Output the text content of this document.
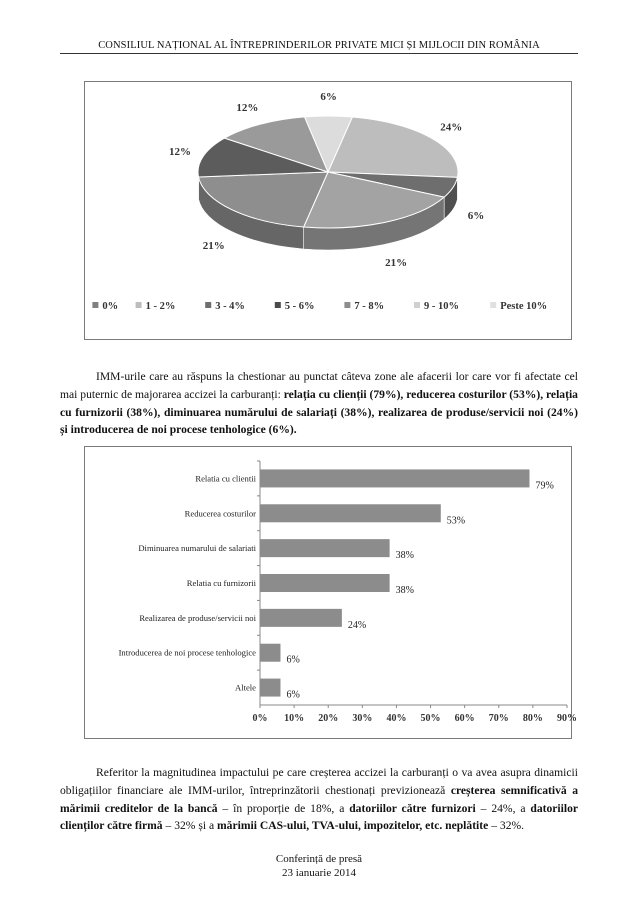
CONSILIUL NAȚIONAL AL ÎNTREPRINDERILOR PRIVATE MICI ȘI MIJLOCII DIN ROMÂNIA
24%
6%
21%
21%
12%
12%
6%
0%	1 - 2%	3 - 4%	5 - 6%	7 - 8%	9 - 10%	Peste 10%
IMM-urile care au răspuns la chestionar au punctat câteva zone ale afacerii lor care vor fi afectate cel mai puternic de majorarea accizei la carburanți: relația cu clienții (79%), reducerea costurilor (53%), relația cu furnizorii (38%), diminuarea numărului de salariați (38%), realizarea de produse/servicii noi (24%) și introducerea de noi procese tenhologice (6%).
Relatia cu clientii
79%
Reducerea costurilor
53%
Diminuarea numarului de salariati
38%
Relatia cu furnizorii
38%
Realizarea de produse/servicii noi
24%
Introducerea de noi procese tenhologice
6%
Altele
6%
0% 10% 20% 30% 40% 50% 60% 70% 80% 90%
Referitor la magnitudinea impactului pe care creșterea accizei la carburanți o va avea asupra dinamicii obligațiilor financiare ale IMM-urilor, întreprinzătorii chestionați previzionează creșterea semnificativă a mărimii creditelor de la bancă – în proporție de 18%, a datoriilor către furnizori – 24%, a datoriilor clienților către firmă – 32% și a mărimii CAS-ului, TVA-ului, impozitelor, etc. neplătite – 32%.
Conferință de presă
23 ianuarie 2014
